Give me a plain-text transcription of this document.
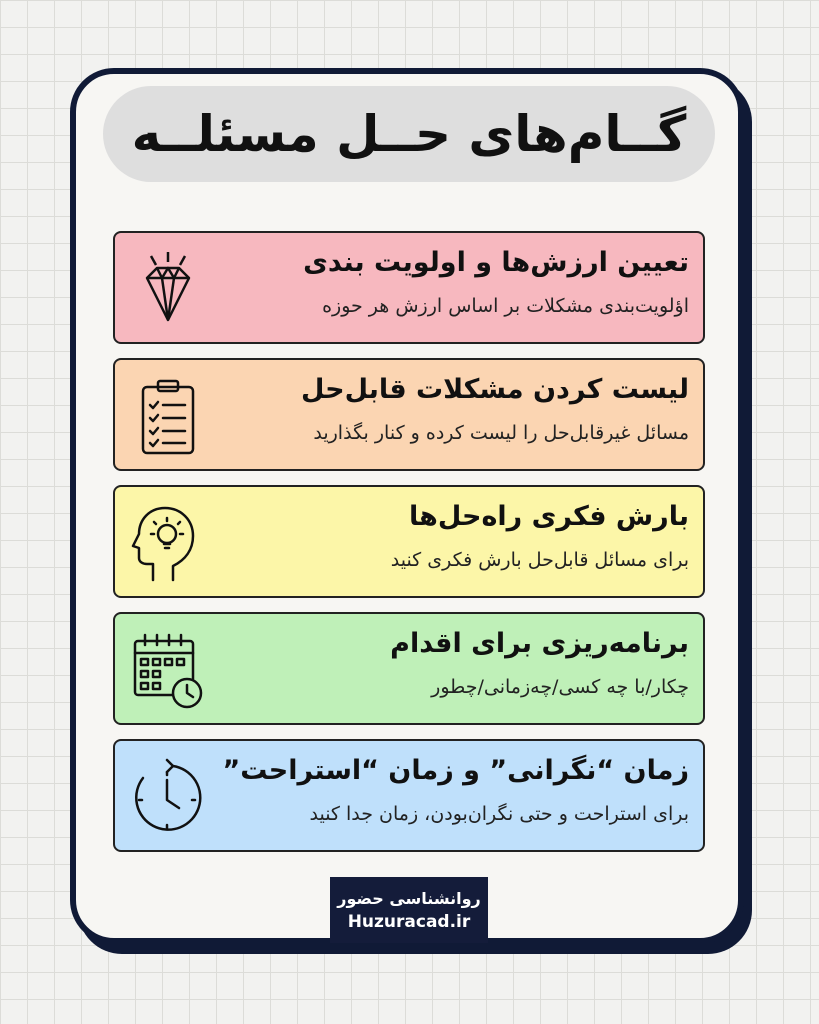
گــام‌های حــل مسئلــه
تعیین ارزش‌ها و اولویت بندی
اؤلویت‌بندی مشکلات بر اساس ارزش هر حوزه
لیست کردن مشکلات قابل‌حل
مسائل غیرقابل‌حل را لیست کرده و کنار بگذارید
بارش فکری راه‌حل‌ها
برای مسائل قابل‌حل بارش فکری کنید
برنامه‌ریزی برای اقدام
چکار/با چه کسی/چه‌زمانی/چطور
زمان “نگرانی” و زمان “استراحت”
برای استراحت و حتی نگران‌بودن، زمان جدا کنید
روانشناسی حضور
Huzuracad.ir
